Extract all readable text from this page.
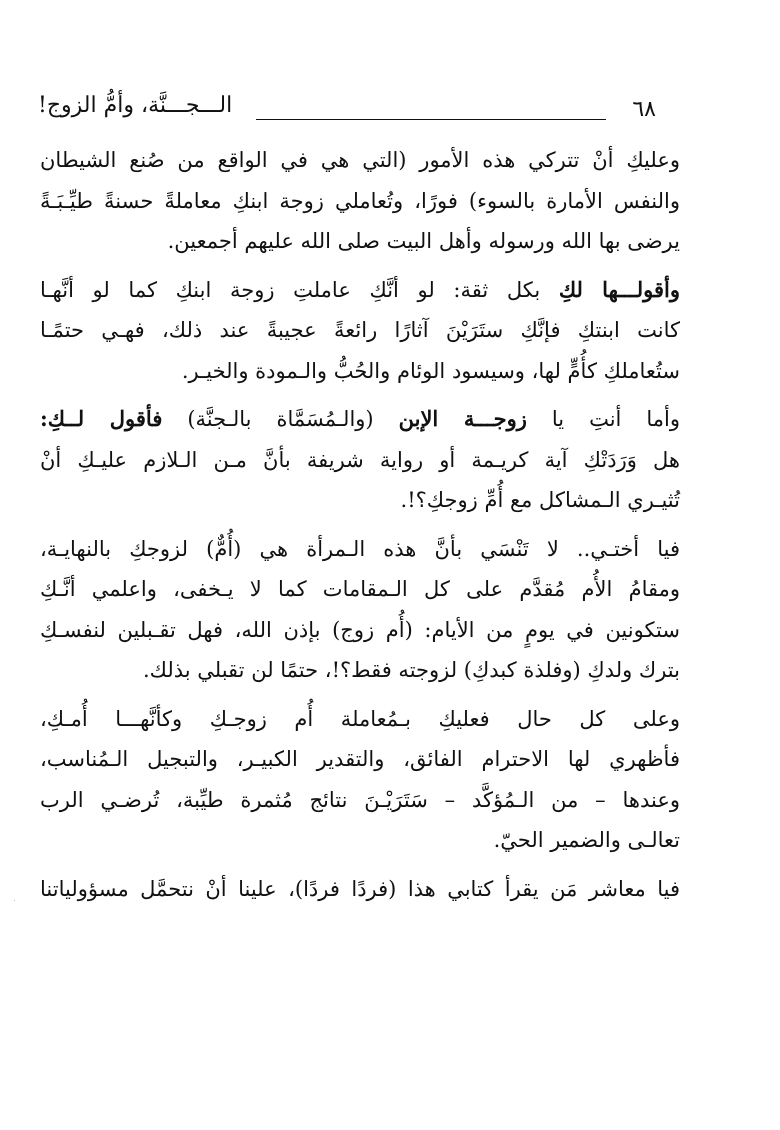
٦٨
الـــجـــنَّة، وأمُّ الزوج!

وعليكِ أنْ تتركي هذه الأمور (التي هي في الواقع من صُنع الشيطان
والنفس الأمارة بالسوء) فورًا، وتُعاملي زوجة ابنكِ معاملةً حسنةً طيِّـبَـةً
يرضى بها الله ورسوله وأهل البيت صلى الله عليهم أجمعين.

وأقولـــها لكِ بكل ثقة: لو أنَّكِ عاملتِ زوجة ابنكِ كما لو أنَّهـا
كانت ابنتكِ فإنَّكِ ستَرَيْنَ آثارًا رائعةً عجيبةً عند ذلك، فهـي حتمًـا
ستُعاملكِ كأُمٍّ لها، وسيسود الوئام والحُبُّ والـمودة والخيـر.

وأما أنتِ يا زوجـــة الإبن (والـمُسَمَّاة بالـجنَّة) فأقول لــكِ:
هل وَرَدَتْكِ آية كريـمة أو رواية شريفة بأنَّ مـن الـلازم عليـكِ أنْ
تُثيـري الـمشاكل مع أُمِّ زوجكِ؟!.

فيا أختـي.. لا تَنْسَي بأنَّ هذه الـمرأة هي (أُمٌّ) لزوجكِ بالنهايـة،
ومقامُ الأُم مُقدَّم على كل الـمقامات كما لا يـخفى، واعلمي أنَّـكِ
ستكونين في يومٍ من الأيام: (أُم زوج) بإذن الله، فهل تقـبلين لنفسـكِ
بترك ولدكِ (وفلذة كبدكِ) لزوجته فقط؟!، حتمًا لن تقبلي بذلك.

وعلى كل حال فعليكِ بـمُعاملة أُم زوجـكِ وكأنَّهـــا أُمـكِ،
فأظهري لها الاحترام الفائق، والتقدير الكبيـر، والتبجيل الـمُناسب،
وعندها – من الـمُؤكَّد – سَتَرَيْـنَ نتائج مُثمرة طيِّبة، تُرضـي الرب
تعالـى والضمير الحيّ.

فيا معاشر مَن يقرأ كتابي هذا (فردًا فردًا)، علينا أنْ نتحمَّل مسؤولياتنا
